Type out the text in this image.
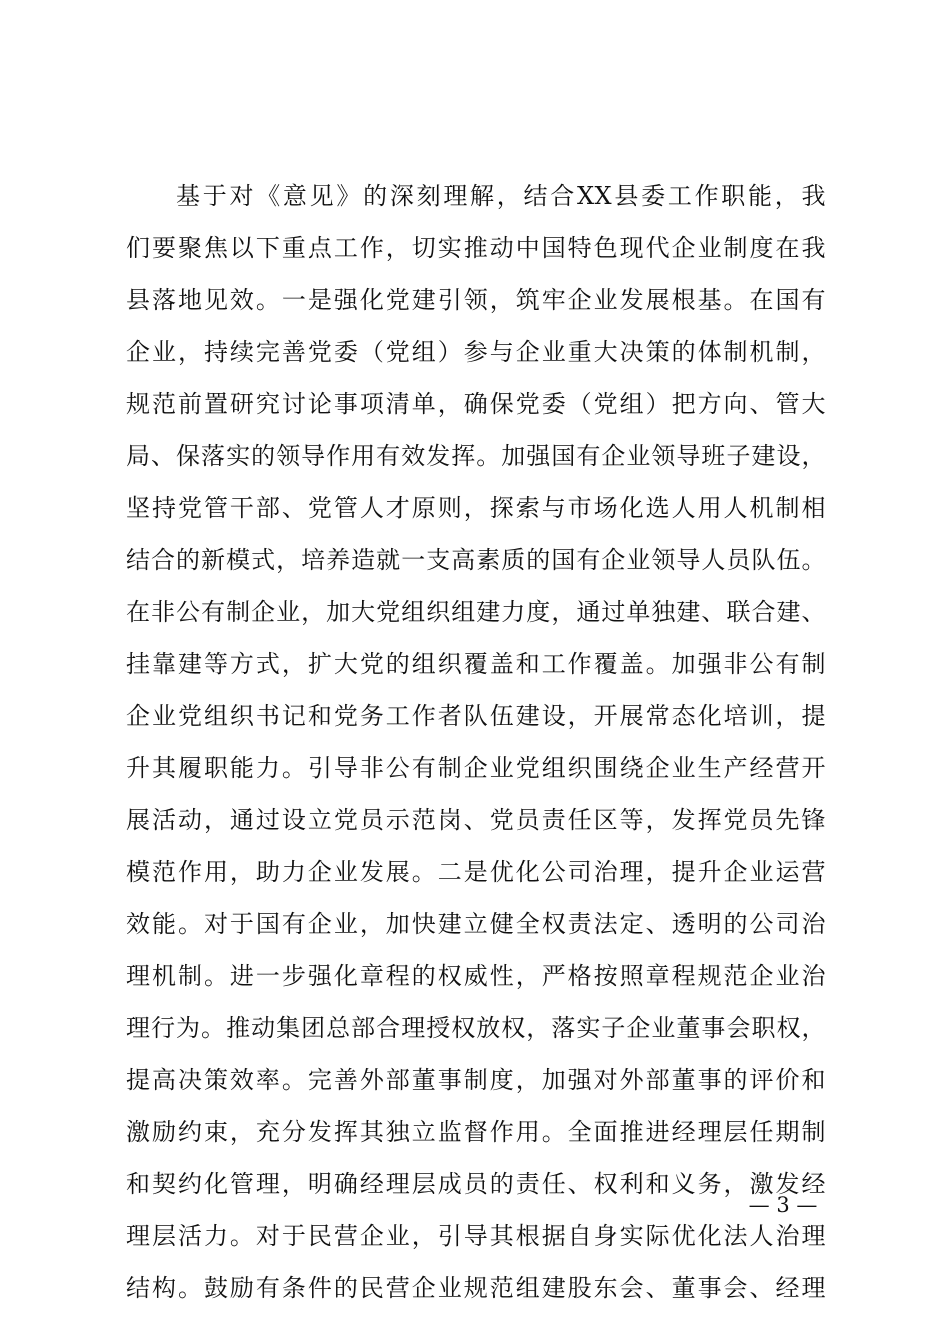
基于对《意见》的深刻理解，结合XX县委工作职能，我
们要聚焦以下重点工作，切实推动中国特色现代企业制度在我
县落地见效。一是强化党建引领，筑牢企业发展根基。在国有
企业，持续完善党委（党组）参与企业重大决策的体制机制，
规范前置研究讨论事项清单，确保党委（党组）把方向、管大
局、保落实的领导作用有效发挥。加强国有企业领导班子建设，
坚持党管干部、党管人才原则，探索与市场化选人用人机制相
结合的新模式，培养造就一支高素质的国有企业领导人员队伍。
在非公有制企业，加大党组织组建力度，通过单独建、联合建、
挂靠建等方式，扩大党的组织覆盖和工作覆盖。加强非公有制
企业党组织书记和党务工作者队伍建设，开展常态化培训，提
升其履职能力。引导非公有制企业党组织围绕企业生产经营开
展活动，通过设立党员示范岗、党员责任区等，发挥党员先锋
模范作用，助力企业发展。二是优化公司治理，提升企业运营
效能。对于国有企业，加快建立健全权责法定、透明的公司治
理机制。进一步强化章程的权威性，严格按照章程规范企业治
理行为。推动集团总部合理授权放权，落实子企业董事会职权，
提高决策效率。完善外部董事制度，加强对外部董事的评价和
激励约束，充分发挥其独立监督作用。全面推进经理层任期制
和契约化管理，明确经理层成员的责任、权利和义务，激发经
理层活力。对于民营企业，引导其根据自身实际优化法人治理
结构。鼓励有条件的民营企业规范组建股东会、董事会、经理
— 3 —
